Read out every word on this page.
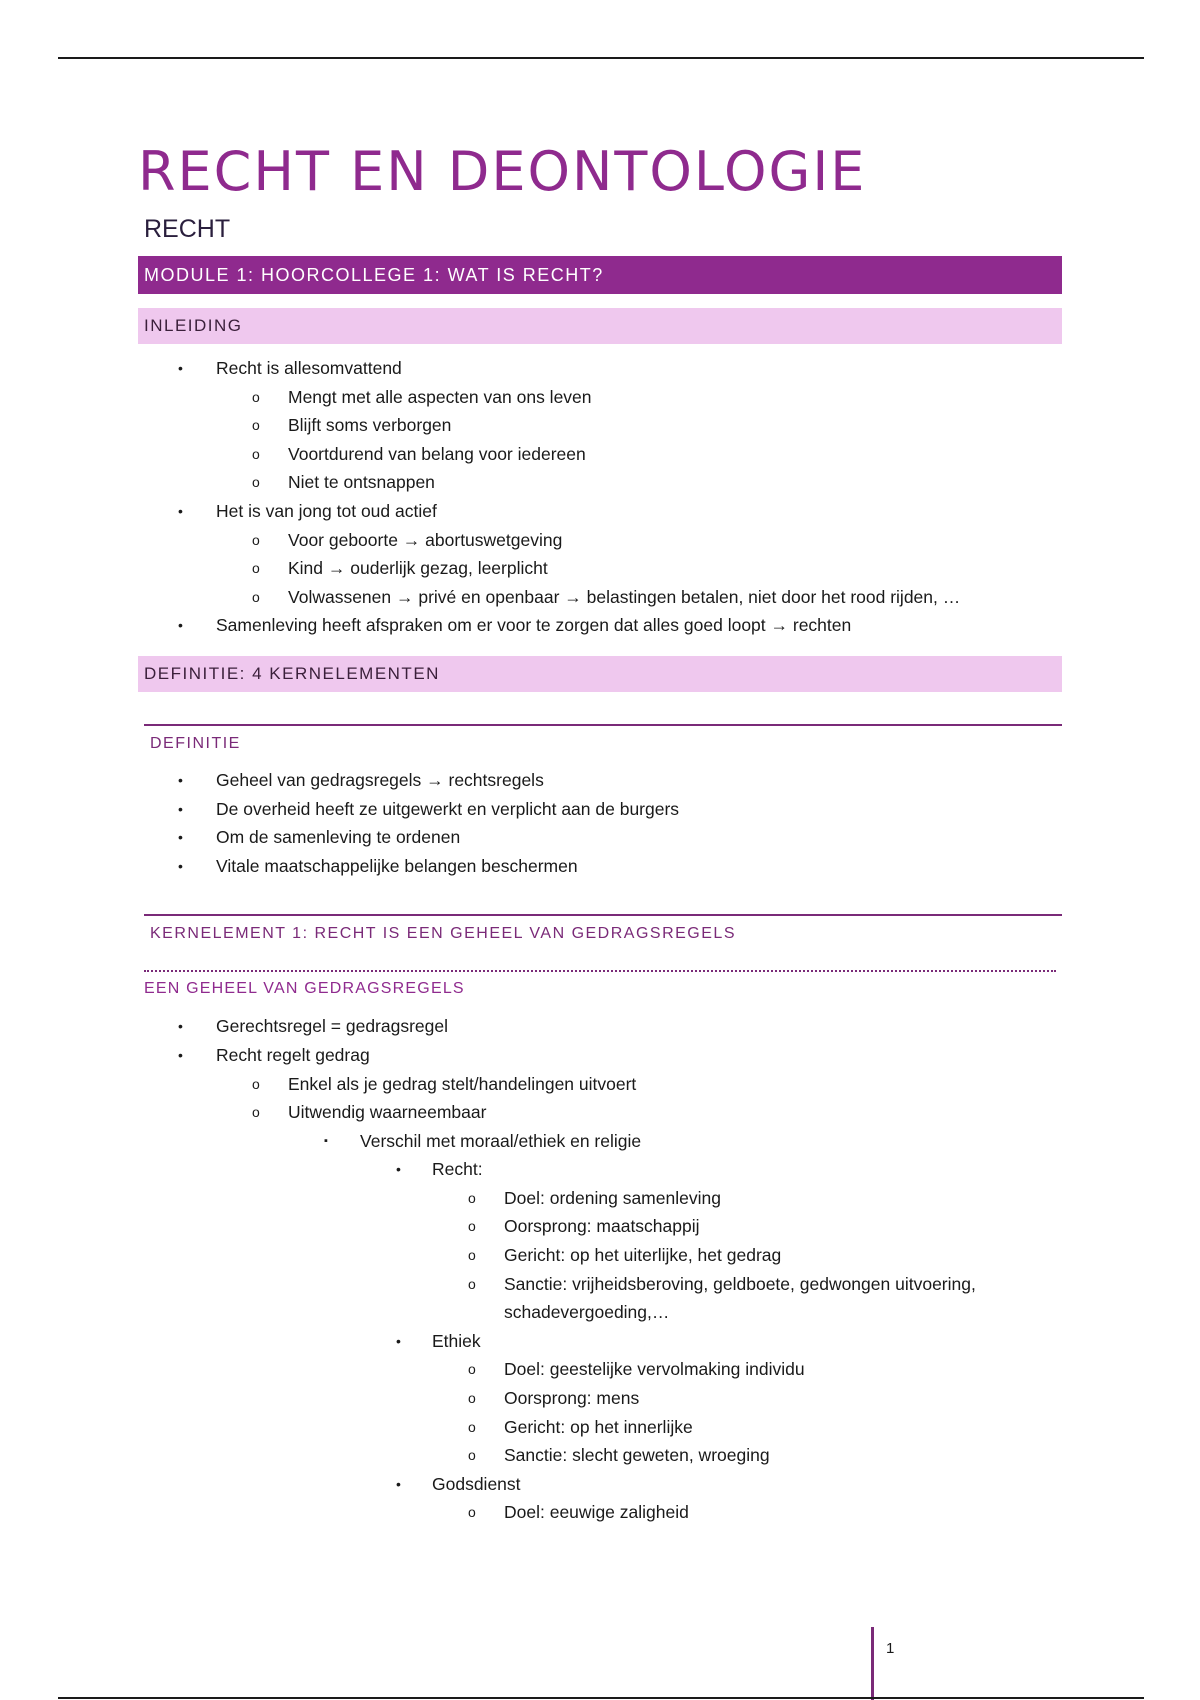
RECHT EN DEONTOLOGIE
RECHT
MODULE 1: HOORCOLLEGE 1: WAT IS RECHT?
INLEIDING
• Recht is allesomvattend
o Mengt met alle aspecten van ons leven
o Blijft soms verborgen
o Voortdurend van belang voor iedereen
o Niet te ontsnappen
• Het is van jong tot oud actief
o Voor geboorte → abortuswetgeving
o Kind → ouderlijk gezag, leerplicht
o Volwassenen → privé en openbaar → belastingen betalen, niet door het rood rijden, …
• Samenleving heeft afspraken om er voor te zorgen dat alles goed loopt → rechten
DEFINITIE: 4 KERNELEMENTEN
DEFINITIE
• Geheel van gedragsregels → rechtsregels
• De overheid heeft ze uitgewerkt en verplicht aan de burgers
• Om de samenleving te ordenen
• Vitale maatschappelijke belangen beschermen
KERNELEMENT 1: RECHT IS EEN GEHEEL VAN GEDRAGSREGELS
EEN GEHEEL VAN GEDRAGSREGELS
• Gerechtsregel = gedragsregel
• Recht regelt gedrag
o Enkel als je gedrag stelt/handelingen uitvoert
o Uitwendig waarneembaar
▪ Verschil met moraal/ethiek en religie
• Recht:
o Doel: ordening samenleving
o Oorsprong: maatschappij
o Gericht: op het uiterlijke, het gedrag
o Sanctie: vrijheidsberoving, geldboete, gedwongen uitvoering,
schadevergoeding,…
• Ethiek
o Doel: geestelijke vervolmaking individu
o Oorsprong: mens
o Gericht: op het innerlijke
o Sanctie: slecht geweten, wroeging
• Godsdienst
o Doel: eeuwige zaligheid
1
